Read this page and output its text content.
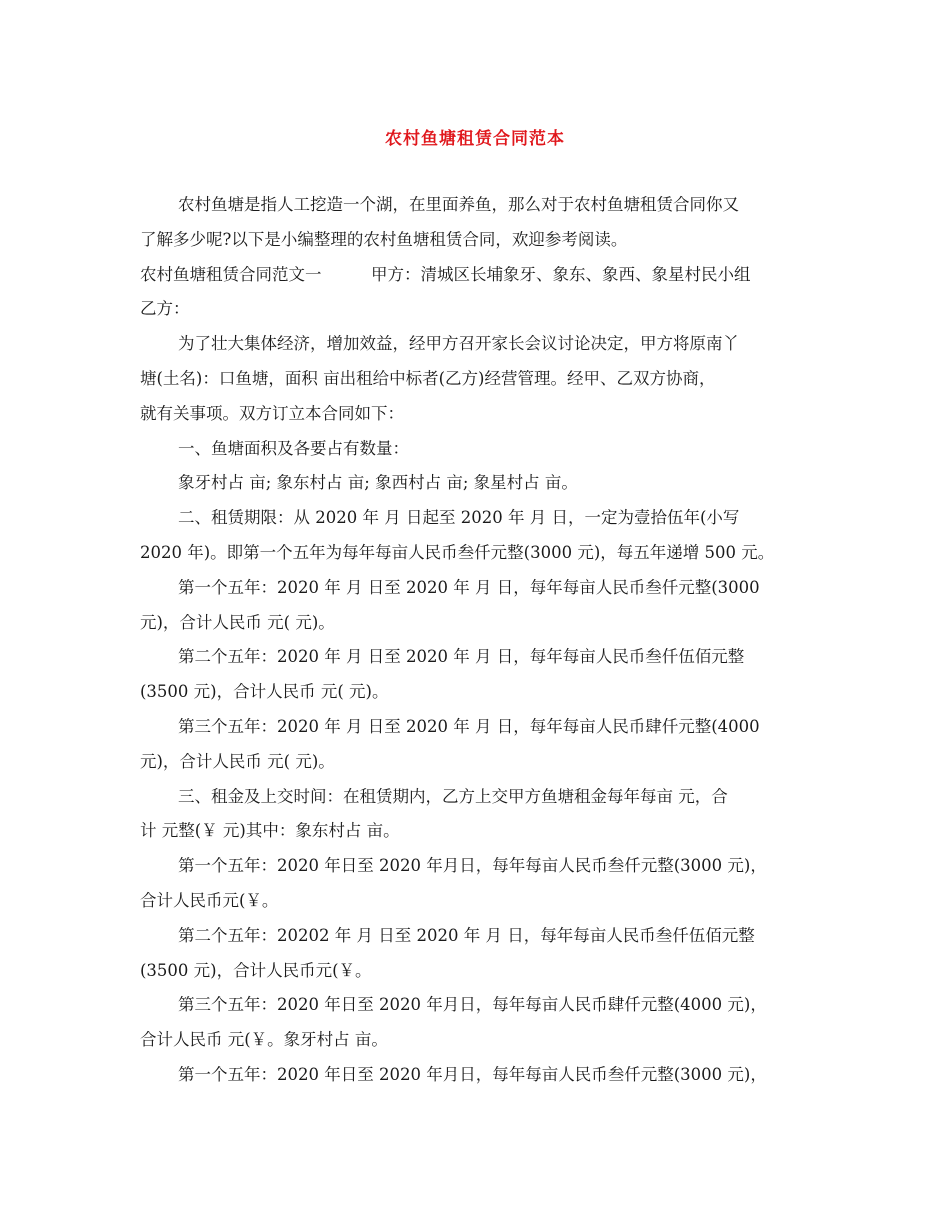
农村鱼塘租赁合同范本
农村鱼塘是指人工挖造一个湖，在里面养鱼，那么对于农村鱼塘租赁合同你又
了解多少呢?以下是小编整理的农村鱼塘租赁合同，欢迎参考阅读。
农村鱼塘租赁合同范文一　　　甲方：清城区长埔象牙、象东、象西、象星村民小组
乙方：
为了壮大集体经济，增加效益，经甲方召开家长会议讨论决定，甲方将原南丫
塘(土名)：口鱼塘，面积 亩出租给中标者(乙方)经营管理。经甲、乙双方协商，
就有关事项。双方订立本合同如下：
一、鱼塘面积及各要占有数量：
象牙村占 亩; 象东村占 亩; 象西村占 亩; 象星村占 亩。
二、租赁期限：从 2020 年 月 日起至 2020 年 月 日，一定为壹拾伍年(小写
2020 年)。即第一个五年为每年每亩人民币叁仟元整(3000 元)，每五年递增 500 元。
第一个五年：2020 年 月 日至 2020 年 月 日，每年每亩人民币叁仟元整(3000
元)，合计人民币 元( 元)。
第二个五年：2020 年 月 日至 2020 年 月 日，每年每亩人民币叁仟伍佰元整
(3500 元)，合计人民币 元( 元)。
第三个五年：2020 年 月 日至 2020 年 月 日，每年每亩人民币肆仟元整(4000
元)，合计人民币 元( 元)。
三、租金及上交时间：在租赁期内，乙方上交甲方鱼塘租金每年每亩 元，合
计 元整(￥ 元)其中：象东村占 亩。
第一个五年：2020 年日至 2020 年月日，每年每亩人民币叁仟元整(3000 元)，
合计人民币元(￥。
第二个五年：20202 年 月 日至 2020 年 月 日，每年每亩人民币叁仟伍佰元整
(3500 元)，合计人民币元(￥。
第三个五年：2020 年日至 2020 年月日，每年每亩人民币肆仟元整(4000 元)，
合计人民币 元(￥。象牙村占 亩。
第一个五年：2020 年日至 2020 年月日，每年每亩人民币叁仟元整(3000 元)，
